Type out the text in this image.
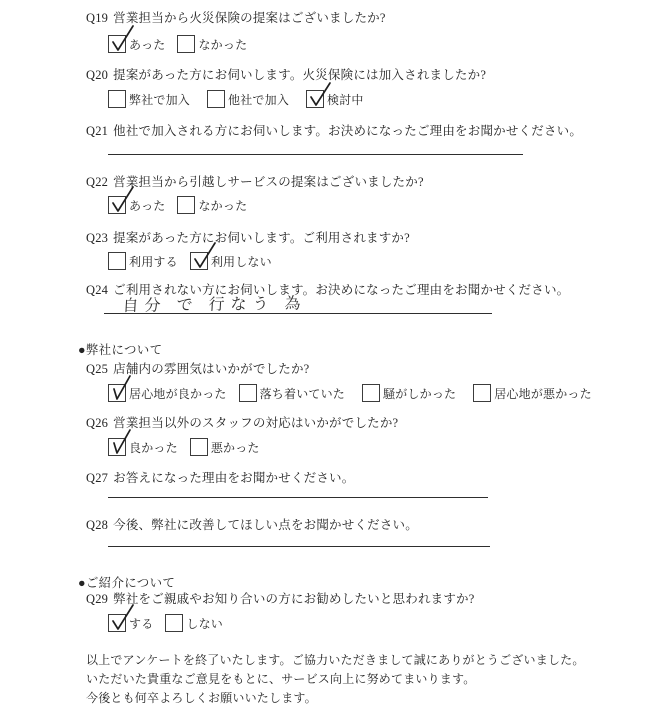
Q19 営業担当から火災保険の提案はございましたか?
あった	なかった
Q20 提案があった方にお伺いします。火災保険には加入されましたか?
弊社で加入	他社で加入	検討中
Q21 他社で加入される方にお伺いします。お決めになったご理由をお聞かせください。
Q22 営業担当から引越しサービスの提案はございましたか?
あった	なかった
Q23 提案があった方にお伺いします。ご利用されますか?
利用する	利用しない
Q24 ご利用されない方にお伺いします。お決めになったご理由をお聞かせください。
自分 で 行なう 為
●弊社について
Q25 店舗内の雰囲気はいかがでしたか?
居心地が良かった	落ち着いていた	騒がしかった	居心地が悪かった
Q26 営業担当以外のスタッフの対応はいかがでしたか?
良かった	悪かった
Q27 お答えになった理由をお聞かせください。
Q28 今後、弊社に改善してほしい点をお聞かせください。
●ご紹介について
Q29 弊社をご親戚やお知り合いの方にお勧めしたいと思われますか?
する	しない
以上でアンケートを終了いたします。ご協力いただきまして誠にありがとうございました。
いただいた貴重なご意見をもとに、サービス向上に努めてまいります。
今後とも何卒よろしくお願いいたします。
